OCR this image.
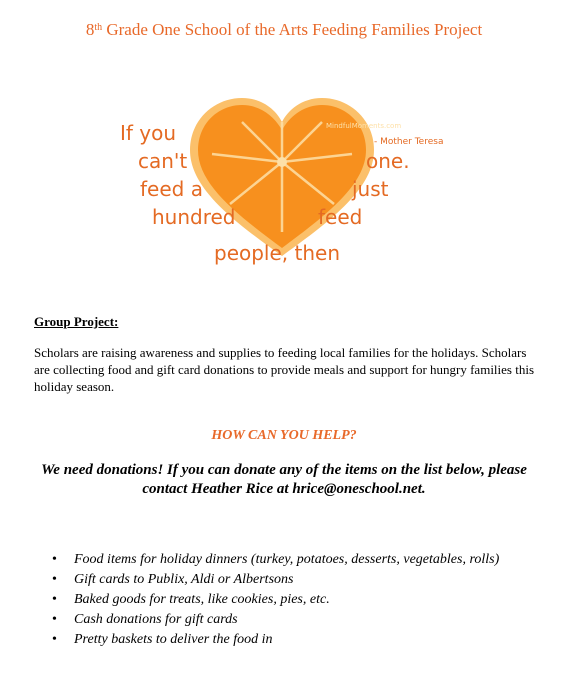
8th Grade One School of the Arts Feeding Families Project
MindfulMoments.com
If you
can't
feed a
hundred
one.
just
feed
people, then
- Mother Teresa
Group Project:
Scholars are raising awareness and supplies to feeding local families for the holidays. Scholars are collecting food and gift card donations to provide meals and support for hungry families this holiday season.
HOW CAN YOU HELP?
We need donations! If you can donate any of the items on the list below, please contact Heather Rice at hrice@oneschool.net.
• Food items for holiday dinners (turkey, potatoes, desserts, vegetables, rolls)
• Gift cards to Publix, Aldi or Albertsons
• Baked goods for treats, like cookies, pies, etc.
• Cash donations for gift cards
• Pretty baskets to deliver the food in
